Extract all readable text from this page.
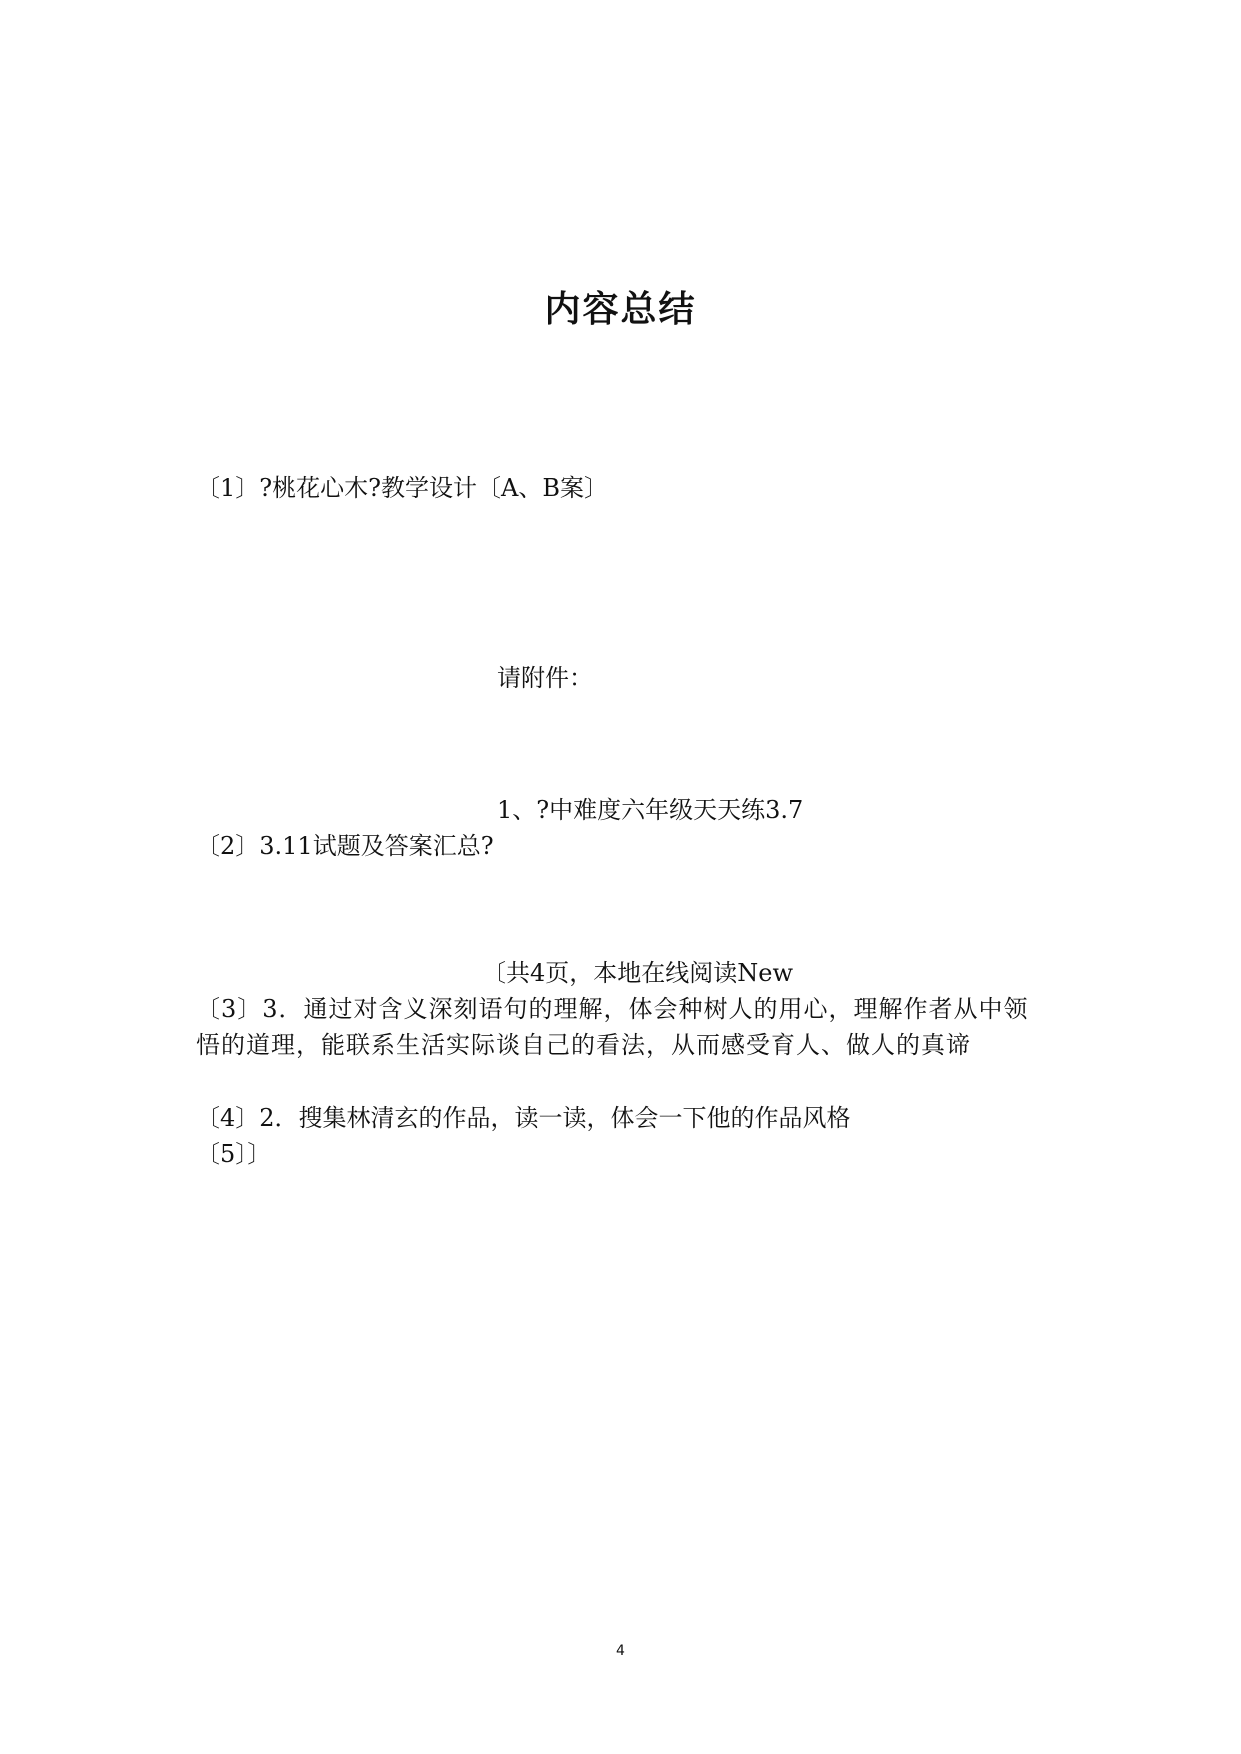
内容总结
〔1〕?桃花心木?教学设计〔A、B案〕
请附件：
1、?中难度六年级天天练3.7
〔2〕3.11试题及答案汇总?
〔共4页，本地在线阅读New
〔3〕3．通过对含义深刻语句的理解，体会种树人的用心，理解作者从中领悟的道理，能联系生活实际谈自己的看法，从而感受育人、做人的真谛
〔4〕2．搜集林清玄的作品，读一读，体会一下他的作品风格
〔5〕〕
4
